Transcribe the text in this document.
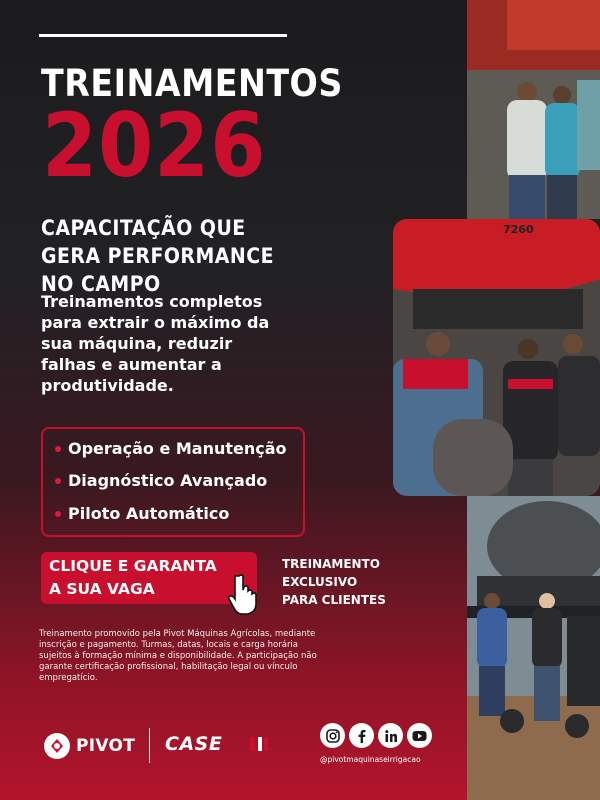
TREINAMENTOS
2026
CAPACITAÇÃO QUE GERA PERFORMANCE NO CAMPO
Treinamentos completos para extrair o máximo da sua máquina, reduzir falhas e aumentar a produtividade.
Operação e Manutenção
Diagnóstico Avançado
Piloto Automático
CLIQUE E GARANTA
A SUA VAGA
TREINAMENTO
EXCLUSIVO
PARA CLIENTES
Treinamento promovido pela Pivot Máquinas Agrícolas, mediante inscrição e pagamento. Turmas, datas, locais e carga horária sujeitos à formação mínima e disponibilidade. A participação não garante certificação profissional, habilitação legal ou vínculo empregatício.
PIVOT CASE
@pivotmaquinaseirrigacao
7260
